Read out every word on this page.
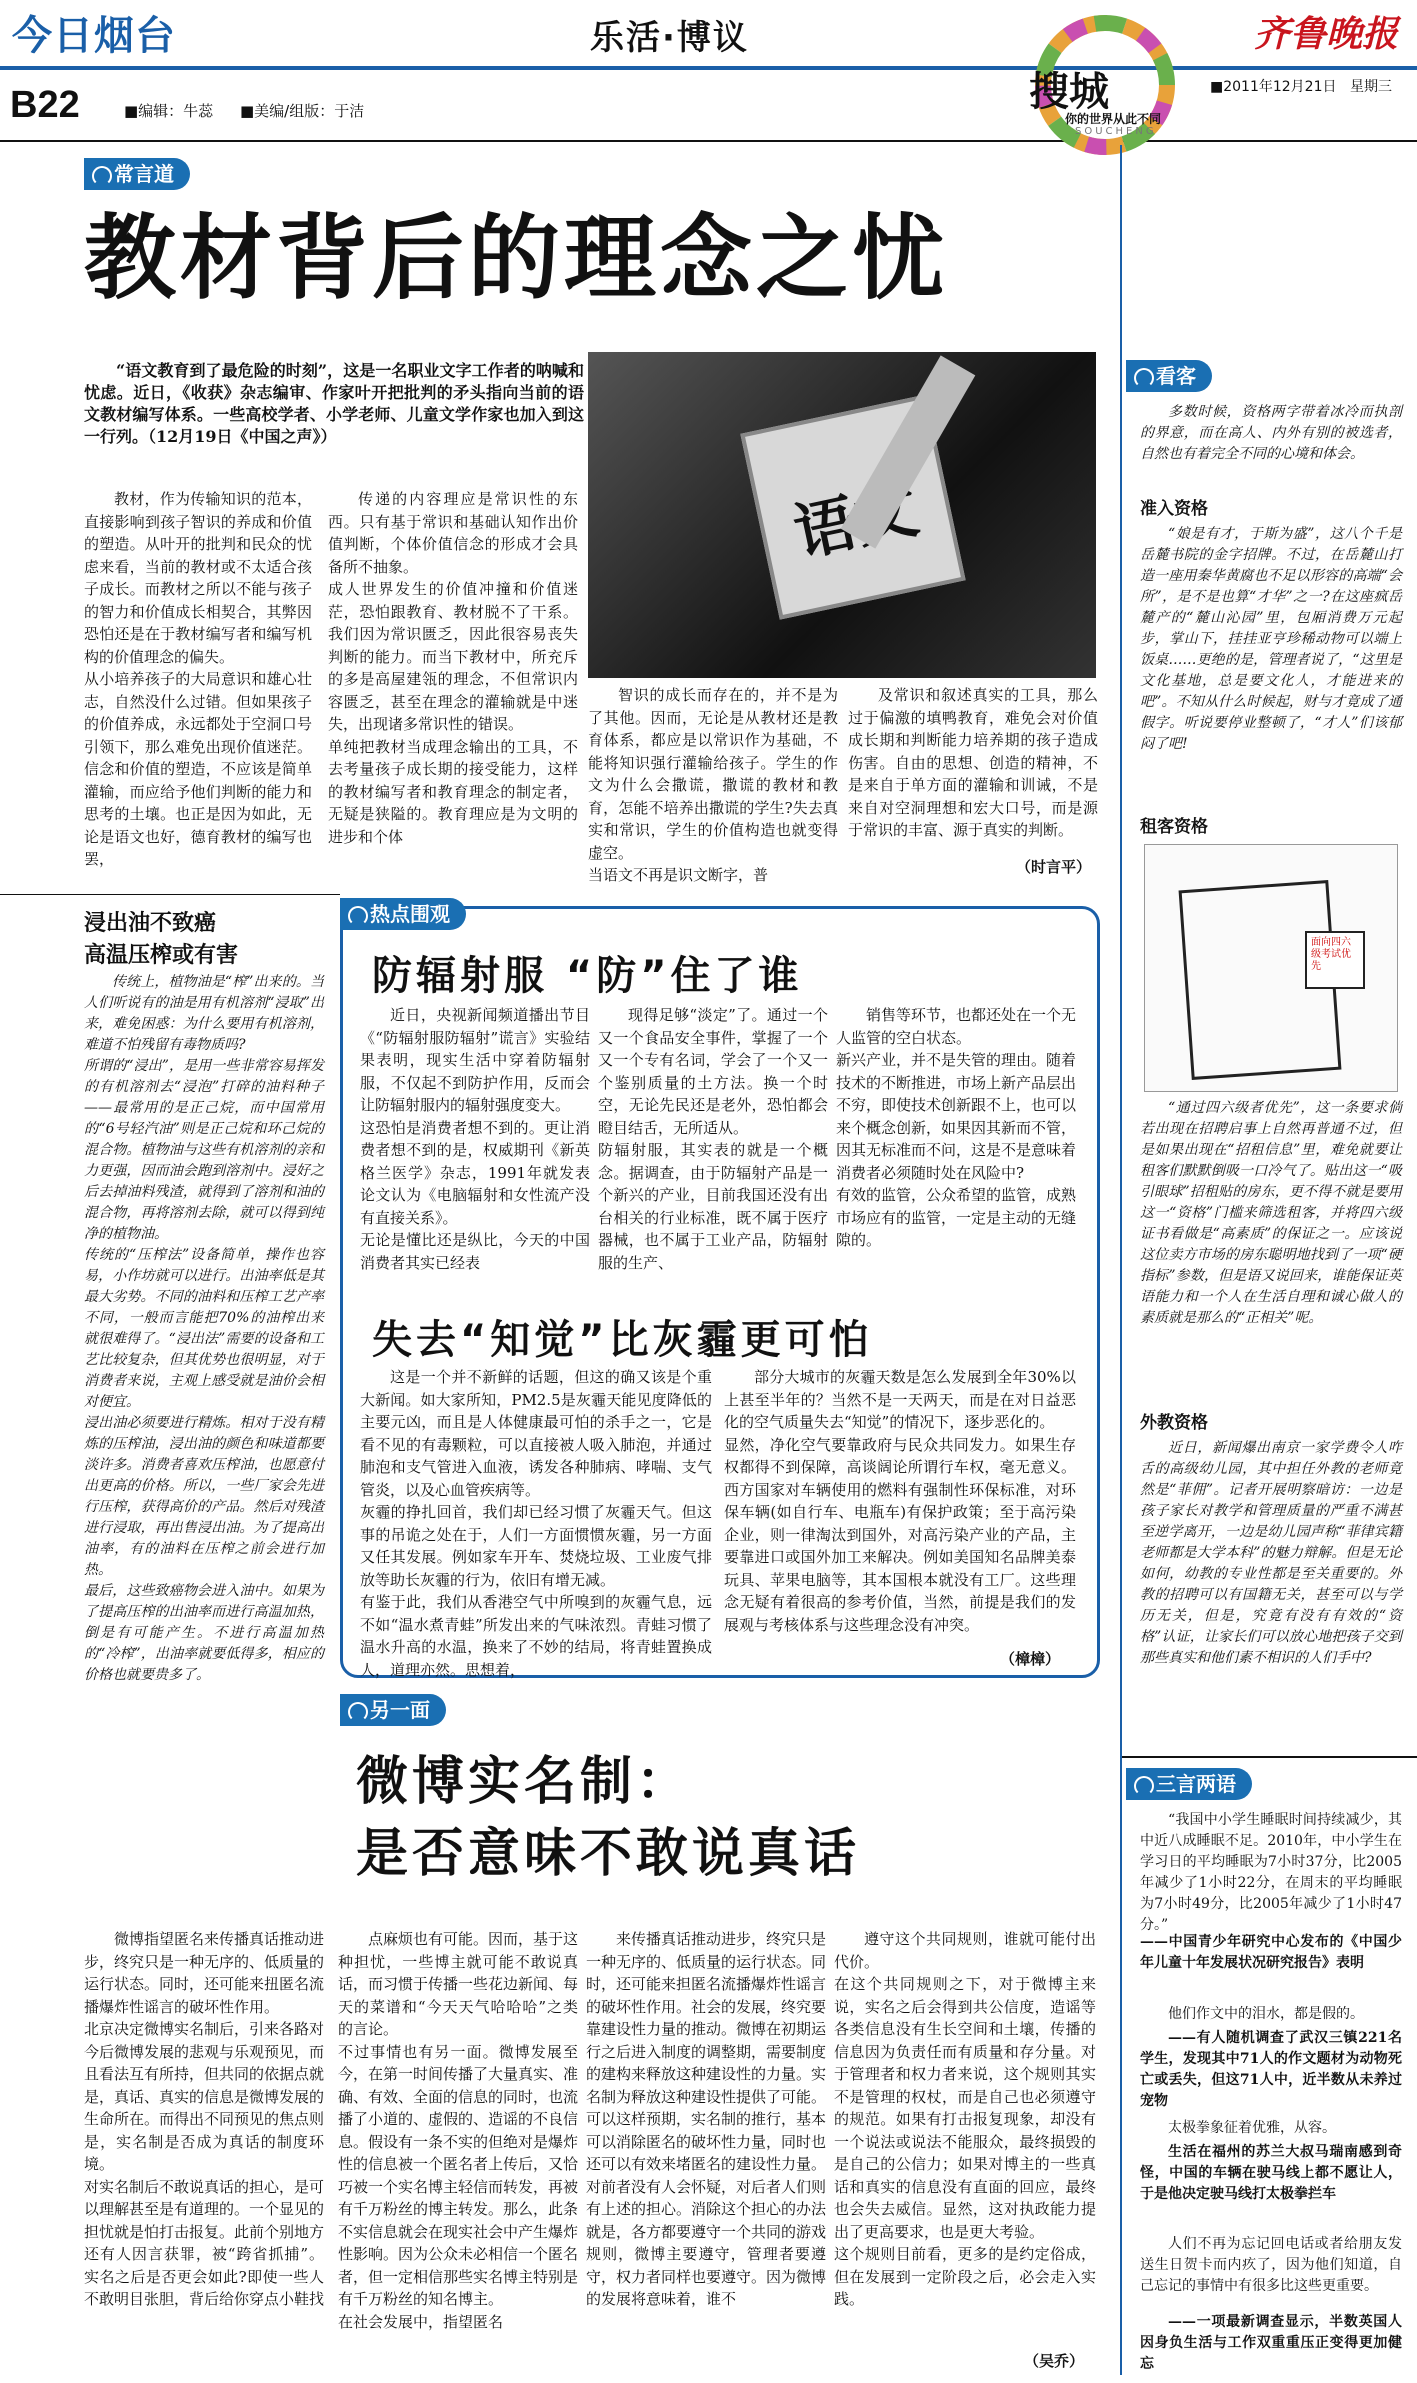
今日烟台	乐活·博议	齐鲁晚报
B22	■编辑：牛蕊 ■美编/组版：于洁
■2011年12月21日 星期三
搜城
你的世界从此不同
SOUCHENG
常言道
教材背后的理念之忧
“语文教育到了最危险的时刻”，这是一名职业文字工作者的呐喊和忧虑。近日，《收获》杂志编审、作家叶开把批判的矛头指向当前的语文教材编写体系。一些高校学者、小学老师、儿童文学作家也加入到这一行列。（12月19日《中国之声》）
教材，作为传输知识的范本，直接影响到孩子智识的养成和价值的塑造。从叶开的批判和民众的忧虑来看，当前的教材或不太适合孩子成长。而教材之所以不能与孩子的智力和价值成长相契合，其弊因恐怕还是在于教材编写者和编写机构的价值理念的偏失。
从小培养孩子的大局意识和雄心壮志，自然没什么过错。但如果孩子的价值养成，永远都处于空洞口号引领下，那么难免出现价值迷茫。信念和价值的塑造，不应该是简单灌输，而应给予他们判断的能力和思考的土壤。也正是因为如此，无论是语文也好，德育教材的编写也罢，
传递的内容理应是常识性的东西。只有基于常识和基础认知作出价值判断，个体价值信念的形成才会具备所不抽象。
成人世界发生的价值冲撞和价值迷茫，恐怕跟教育、教材脱不了干系。我们因为常识匮乏，因此很容易丧失判断的能力。而当下教材中，所充斥的多是高屋建瓴的理念，不但常识内容匮乏，甚至在理念的灌输就是中迷失，出现诸多常识性的错误。
单纯把教材当成理念输出的工具，不去考量孩子成长期的接受能力，这样的教材编写者和教育理念的制定者，无疑是狭隘的。教育理应是为文明的进步和个体
智识的成长而存在的，并不是为了其他。因而，无论是从教材还是教育体系，都应是以常识作为基础，不能将知识强行灌输给孩子。学生的作文为什么会撒谎，撒谎的教材和教育，怎能不培养出撒谎的学生?失去真实和常识，学生的价值构造也就变得虚空。
当语文不再是识文断字，普
及常识和叙述真实的工具，那么过于偏激的填鸭教育，难免会对价值成长期和判断能力培养期的孩子造成伤害。自由的思想、创造的精神，不是来自于单方面的灌输和训诫，不是来自对空洞理想和宏大口号，而是源于常识的丰富、源于真实的判断。
（时言平）
浸出油不致癌
高温压榨或有害
传统上，植物油是“榨”出来的。当人们听说有的油是用有机溶剂“浸取”出来，难免困惑：为什么要用有机溶剂，难道不怕残留有毒物质吗?
所谓的“浸出”，是用一些非常容易挥发的有机溶剂去“浸泡”打碎的油料种子——最常用的是正己烷，而中国常用的“6号轻汽油”则是正己烷和环己烷的混合物。植物油与这些有机溶剂的亲和力更强，因而油会跑到溶剂中。浸好之后去掉油料残渣，就得到了溶剂和油的混合物，再将溶剂去除，就可以得到纯净的植物油。
传统的“压榨法”设备简单，操作也容易，小作坊就可以进行。出油率低是其最大劣势。不同的油料和压榨工艺产率不同，一般而言能把70%的油榨出来就很难得了。“浸出法”需要的设备和工艺比较复杂，但其优势也很明显，对于消费者来说，主观上感受就是油价会相对便宜。
浸出油必须要进行精炼。相对于没有精炼的压榨油，浸出油的颜色和味道都要淡许多。消费者喜欢压榨油，也愿意付出更高的价格。所以，一些厂家会先进行压榨，获得高价的产品。然后对残渣进行浸取，再出售浸出油。为了提高出油率，有的油料在压榨之前会进行加热。
最后，这些致癌物会进入油中。如果为了提高压榨的出油率而进行高温加热，倒是有可能产生。不进行高温加热的“冷榨”，出油率就要低得多，相应的价格也就要贵多了。
热点围观
防辐射服 “防”住了谁
近日，央视新闻频道播出节目《“防辐射服防辐射”谎言》实验结果表明，现实生活中穿着防辐射服，不仅起不到防护作用，反而会让防辐射服内的辐射强度变大。
这恐怕是消费者想不到的。更让消费者想不到的是，权威期刊《新英格兰医学》杂志，1991年就发表论文认为《电脑辐射和女性流产没有直接关系》。
无论是懂比还是纵比，今天的中国消费者其实已经表
现得足够“淡定”了。通过一个又一个食品安全事件，掌握了一个又一个专有名词，学会了一个又一个鉴别质量的土方法。换一个时空，无论先民还是老外，恐怕都会瞪目结舌，无所适从。
防辐射服，其实表的就是一个概念。据调查，由于防辐射产品是一个新兴的产业，目前我国还没有出台相关的行业标准，既不属于医疗器械，也不属于工业产品，防辐射服的生产、
销售等环节，也都还处在一个无人监管的空白状态。
新兴产业，并不是失管的理由。随着技术的不断推进，市场上新产品层出不穷，即使技术创新跟不上，也可以来个概念创新，如果因其新而不管，因其无标准而不问，这是不是意味着消费者必须随时处在风险中?
有效的监管，公众希望的监管，成熟市场应有的监管，一定是主动的无缝隙的。
失去“知觉”比灰霾更可怕
这是一个并不新鲜的话题，但这的确又该是个重大新闻。如大家所知，PM2.5是灰霾天能见度降低的主要元凶，而且是人体健康最可怕的杀手之一，它是看不见的有毒颗粒，可以直接被人吸入肺泡，并通过肺泡和支气管进入血液，诱发各种肺病、哮喘、支气管炎，以及心血管疾病等。
灰霾的挣扎回首，我们却已经习惯了灰霾天气。但这事的吊诡之处在于，人们一方面惯惯灰霾，另一方面又任其发展。例如家车开车、焚烧垃圾、工业废气排放等助长灰霾的行为，依旧有增无减。
有鉴于此，我们从香港空气中所嗅到的灰霾气息，远不如“温水煮青蛙”所发出来的气味浓烈。青蛙习惯了温水升高的水温，换来了不妙的结局，将青蛙置换成人，道理亦然。思想着，
部分大城市的灰霾天数是怎么发展到全年30%以上甚至半年的？当然不是一天两天，而是在对日益恶化的空气质量失去“知觉”的情况下，逐步恶化的。
显然，净化空气要靠政府与民众共同发力。如果生存权都得不到保障，高谈阔论所谓行车权，毫无意义。西方国家对车辆使用的燃料有强制性环保标准，对环保车辆(如自行车、电瓶车)有保护政策；至于高污染企业，则一律淘汰到国外，对高污染产业的产品，主要靠进口或国外加工来解决。例如美国知名品牌美泰玩具、苹果电脑等，其本国根本就没有工厂。这些理念无疑有着很高的参考价值，当然，前提是我们的发展观与考核体系与这些理念没有冲突。
（樟樟）
另一面
微博实名制：
是否意味不敢说真话
微博指望匿名来传播真话推动进步，终究只是一种无序的、低质量的运行状态。同时，还可能来扭匿名流播爆炸性谣言的破坏性作用。
北京决定微博实名制后，引来各路对今后微博发展的悲观与乐观预见，而且看法互有所持，但共同的依据点就是，真话、真实的信息是微博发展的生命所在。而得出不同预见的焦点则是，实名制是否成为真话的制度环境。
对实名制后不敢说真话的担心，是可以理解甚至是有道理的。一个显见的担忧就是怕打击报复。此前个别地方还有人因言获罪，被“跨省抓捕”。实名之后是否更会如此?即使一些人不敢明目张胆，背后给你穿点小鞋找
点麻烦也有可能。因而，基于这种担忧，一些博主就可能不敢说真话，而习惯于传播一些花边新闻、每天的菜谱和“今天天气哈哈哈”之类的言论。
不过事情也有另一面。微博发展至今，在第一时间传播了大量真实、准确、有效、全面的信息的同时，也流播了小道的、虚假的、造谣的不良信息。假设有一条不实的但绝对是爆炸性的信息被一个匿名者上传后，又恰巧被一个实名博主轻信而转发，再被有千万粉丝的博主转发。那么，此条不实信息就会在现实社会中产生爆炸性影响。因为公众未必相信一个匿名者，但一定相信那些实名博主特别是有千万粉丝的知名博主。
在社会发展中，指望匿名
来传播真话推动进步，终究只是一种无序的、低质量的运行状态。同时，还可能来担匿名流播爆炸性谣言的破坏性作用。社会的发展，终究要靠建设性力量的推动。微博在初期运行之后进入制度的调整期，需要制度的建构来释放这种建设性的力量。实名制为释放这种建设性提供了可能。
可以这样预期，实名制的推行，基本可以消除匿名的破坏性力量，同时也还可以有效来堵匿名的建设性力量。对前者没有人会怀疑，对后者人们则有上述的担心。消除这个担心的办法就是，各方都要遵守一个共同的游戏规则，微博主要遵守，管理者要遵守，权力者同样也要遵守。因为微博的发展将意味着，谁不
遵守这个共同规则，谁就可能付出代价。
在这个共同规则之下，对于微博主来说，实名之后会得到共公信度，造谣等各类信息没有生长空间和土壤，传播的信息因为负责任而有质量和存分量。对于管理者和权力者来说，这个规则其实不是管理的权杖，而是自己也必须遵守的规范。如果有打击报复现象，却没有一个说法或说法不能服众，最终损毁的是自己的公信力；如果对博主的一些真话和真实的信息没有直面的回应，最终也会失去威信。显然，这对执政能力提出了更高要求，也是更大考验。
这个规则目前看，更多的是约定俗成，但在发展到一定阶段之后，必会走入实践。
（吴乔）
看客
多数时候，资格两字带着冰冷而执剖的界意，而在高人、内外有别的被选者，自然也有着完全不同的心境和体会。
准入资格
“娘是有才，于斯为盛”，这八个千是岳麓书院的金字招牌。不过，在岳麓山打造一座用秦华黄腐也不足以形容的高端“会所”，是不是也算“才华”之一?在这座疯岳麓产的“麓山沁园”里，包厢消费万元起步，掌山下，挂挂亚亨珍稀动物可以端上饭桌……更绝的是，管理者说了，“这里是文化基地，总是要文化人，才能进来的吧”。不知从什么时候起，财与才竟成了通假字。听说要停业整顿了，“才人”们该郁闷了吧!
租客资格
面向四六级考试优先
“通过四六级者优先”，这一条要求倘若出现在招聘启事上自然再普通不过，但是如果出现在“招租信息”里，难免就要让租客们默默倒吸一口冷气了。贴出这一“吸引眼球”招租贴的房东，更不得不就是要用这一“资格”门槛来筛选租客，并将四六级证书看做是“高素质”的保证之一。应该说这位卖方市场的房东聪明地找到了一项“硬指标”参数，但是语又说回来，谁能保证英语能力和一个人在生活自理和诚心做人的素质就是那么的“正相关”呢。
外教资格
近日，新闻爆出南京一家学费令人咋舌的高级幼儿园，其中担任外教的老师竟然是“菲佣”。记者开展明察暗访：一边是孩子家长对教学和管理质量的严重不满甚至逆学离开，一边是幼儿园声称“菲律宾籍老师都是大学本科”的魅力辩解。但是无论如何，幼教的专业性都是至关重要的。外教的招聘可以有国籍无关，甚至可以与学历无关，但是，究竟有没有有效的“资格”认证，让家长们可以放心地把孩子交到那些真实和他们素不相识的人们手中?
三言两语
“我国中小学生睡眠时间持续减少，其中近八成睡眠不足。2010年，中小学生在学习日的平均睡眠为7小时37分，比2005年减少了1小时22分，在周末的平均睡眠为7小时49分，比2005年减少了1小时47分。”
——中国青少年研究中心发布的《中国少年儿童十年发展状况研究报告》表明
他们作文中的泪水，都是假的。
——有人随机调查了武汉三镇221名学生，发现其中71人的作文题材为动物死亡或丢失，但这71人中，近半数从未养过宠物
太极拳象征着优雅，从容。
生活在福州的苏兰大叔马瑞南感到奇怪，中国的车辆在驶马线上都不愿让人，于是他决定驶马线打太极拳拦车
人们不再为忘记回电话或者给朋友发送生日贺卡而内疚了，因为他们知道，自己忘记的事情中有很多比这些更重要。
——一项最新调查显示，半数英国人因身负生活与工作双重重压正变得更加健忘
